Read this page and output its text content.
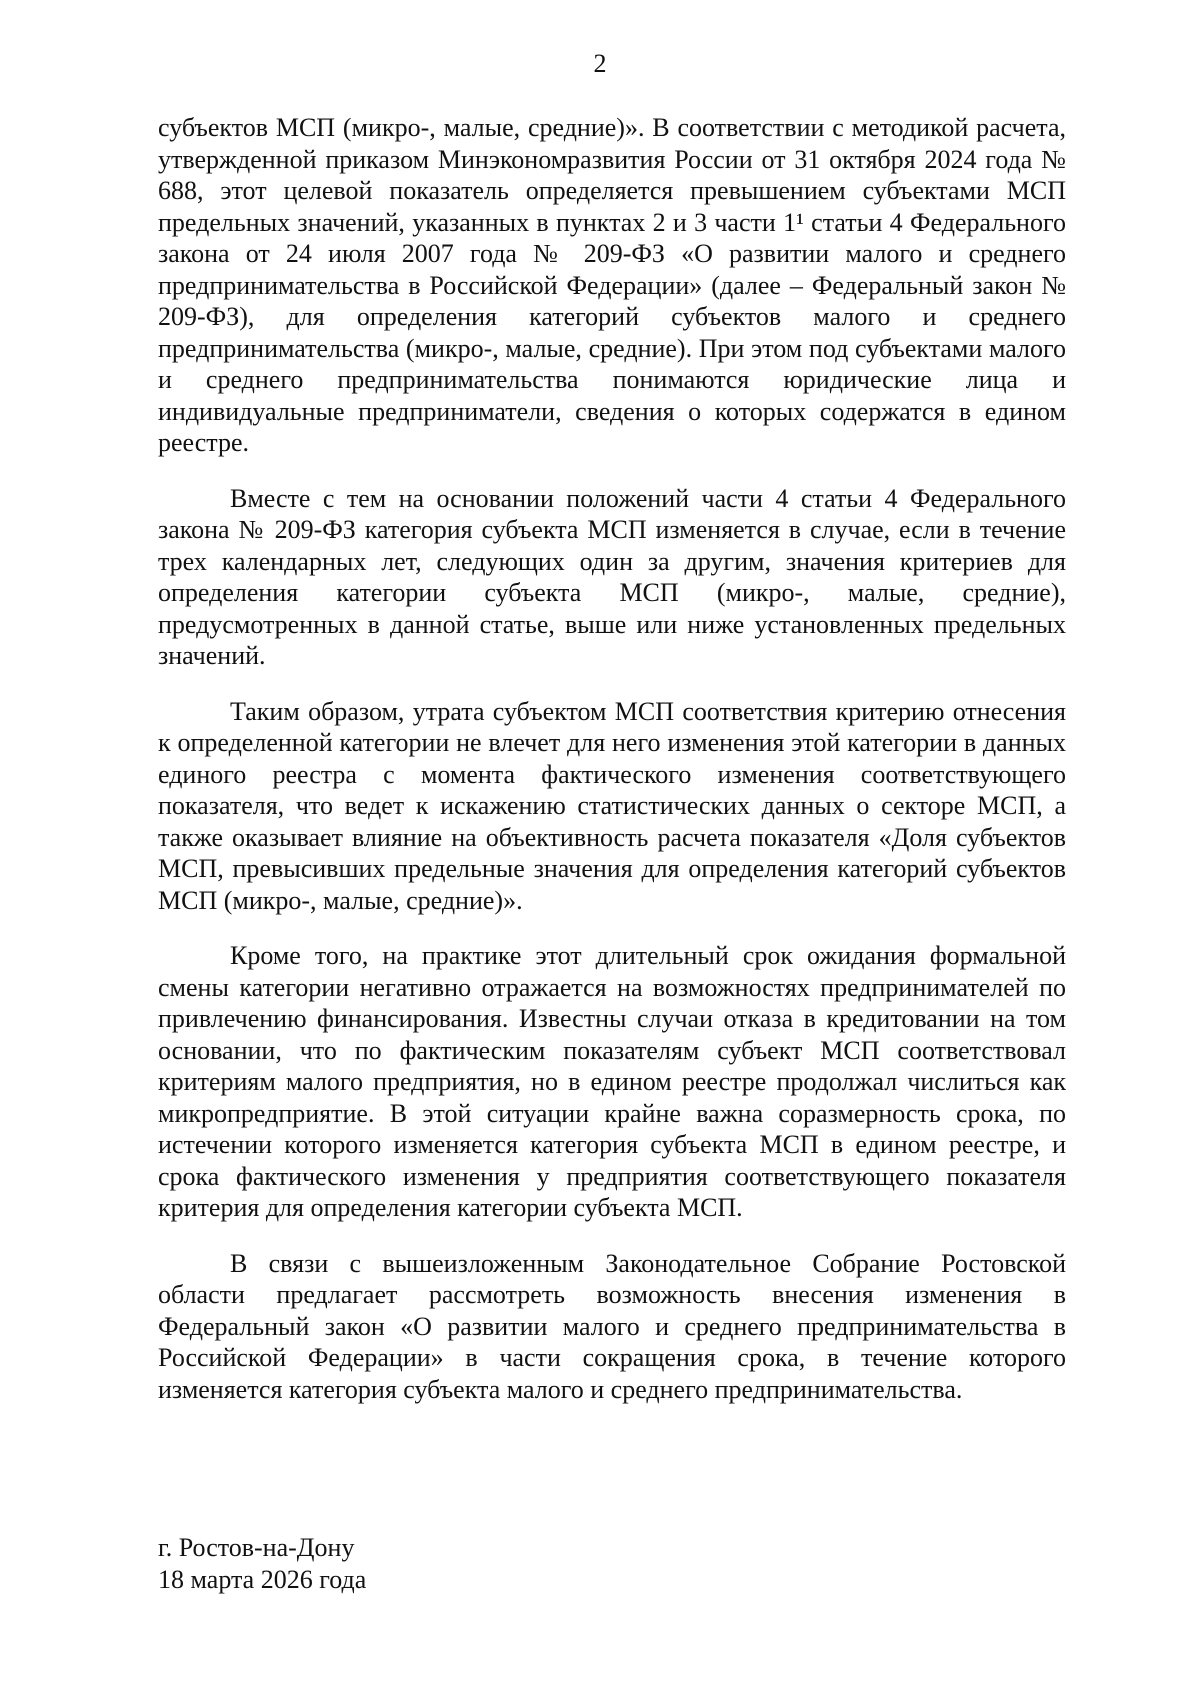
2

субъектов МСП (микро-, малые, средние)». В соответствии с методикой расчета, утвержденной приказом Минэкономразвития России от 31 октября 2024 года № 688, этот целевой показатель определяется превышением субъектами МСП предельных значений, указанных в пунктах 2 и 3 части 1¹ статьи 4 Федерального закона от 24 июля 2007 года № 209-ФЗ «О развитии малого и среднего предпринимательства в Российской Федерации» (далее – Федеральный закон № 209-ФЗ), для определения категорий субъектов малого и среднего предпринимательства (микро-, малые, средние). При этом под субъектами малого и среднего предпринимательства понимаются юридические лица и индивидуальные предприниматели, сведения о которых содержатся в едином реестре.

Вместе с тем на основании положений части 4 статьи 4 Федерального закона № 209-ФЗ категория субъекта МСП изменяется в случае, если в течение трех календарных лет, следующих один за другим, значения критериев для определения категории субъекта МСП (микро-, малые, средние), предусмотренных в данной статье, выше или ниже установленных предельных значений.

Таким образом, утрата субъектом МСП соответствия критерию отнесения к определенной категории не влечет для него изменения этой категории в данных единого реестра с момента фактического изменения соответствующего показателя, что ведет к искажению статистических данных о секторе МСП, а также оказывает влияние на объективность расчета показателя «Доля субъектов МСП, превысивших предельные значения для определения категорий субъектов МСП (микро-, малые, средние)».

Кроме того, на практике этот длительный срок ожидания формальной смены категории негативно отражается на возможностях предпринимателей по привлечению финансирования. Известны случаи отказа в кредитовании на том основании, что по фактическим показателям субъект МСП соответствовал критериям малого предприятия, но в едином реестре продолжал числиться как микропредприятие. В этой ситуации крайне важна соразмерность срока, по истечении которого изменяется категория субъекта МСП в едином реестре, и срока фактического изменения у предприятия соответствующего показателя критерия для определения категории субъекта МСП.

В связи с вышеизложенным Законодательное Собрание Ростовской области предлагает рассмотреть возможность внесения изменения в Федеральный закон «О развитии малого и среднего предпринимательства в Российской Федерации» в части сокращения срока, в течение которого изменяется категория субъекта малого и среднего предпринимательства.

г. Ростов-на-Дону
18 марта 2026 года
